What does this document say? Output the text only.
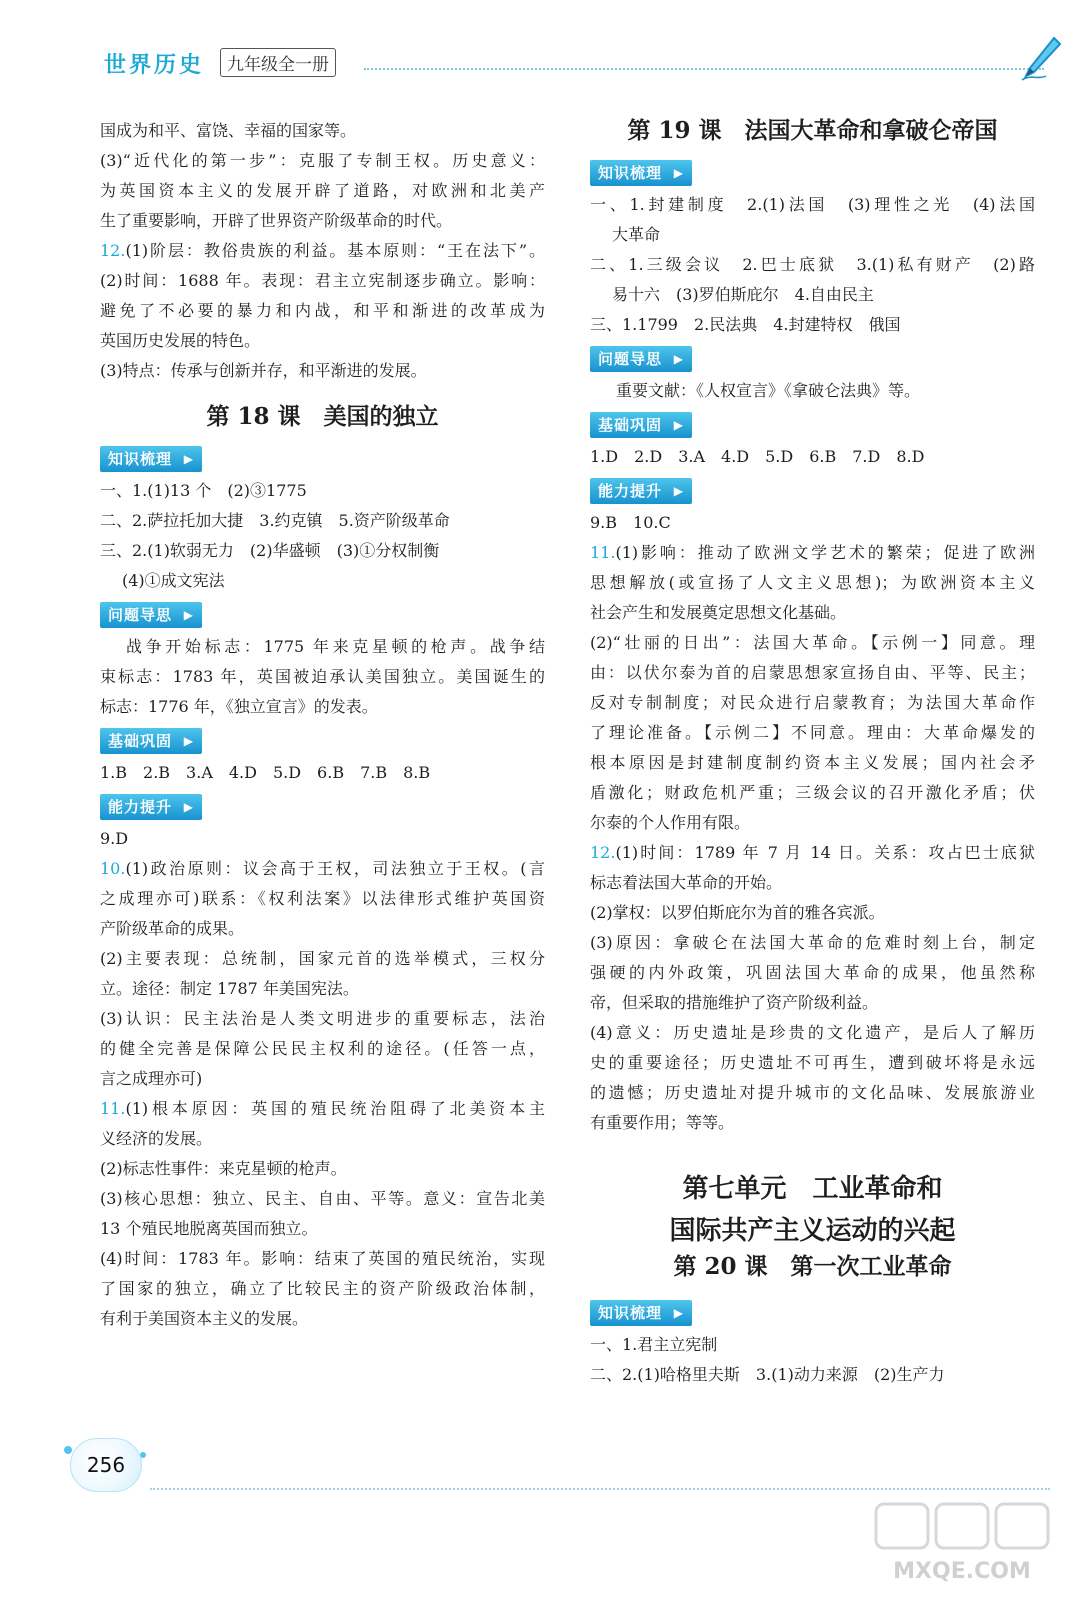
世界历史	九年级全一册
国成为和平、富饶、幸福的国家等。
(3)“近代化的第一步”：克服了专制王权。历史意义：
为英国资本主义的发展开辟了道路，对欧洲和北美产
生了重要影响，开辟了世界资产阶级革命的时代。
12.(1)阶层：教俗贵族的利益。基本原则：“王在法下”。
(2)时间：1688 年。表现：君主立宪制逐步确立。影响：
避免了不必要的暴力和内战，和平和渐进的改革成为
英国历史发展的特色。
(3)特点：传承与创新并存，和平渐进的发展。
第 18 课　美国的独立
知识梳理 ▶
一、1.(1)13 个　(2)③1775
二、2.萨拉托加大捷　3.约克镇　5.资产阶级革命
三、2.(1)软弱无力　(2)华盛顿　(3)①分权制衡
(4)①成文宪法
问题导思 ▶
战争开始标志：1775 年来克星顿的枪声。战争结
束标志：1783 年，英国被迫承认美国独立。美国诞生的
标志：1776 年，《独立宣言》的发表。
基础巩固 ▶
1.B　2.B　3.A　4.D　5.D　6.B　7.B　8.B
能力提升 ▶
9.D
10.(1)政治原则：议会高于王权，司法独立于王权。(言
之成理亦可)联系：《权利法案》以法律形式维护英国资
产阶级革命的成果。
(2)主要表现：总统制，国家元首的选举模式，三权分
立。途径：制定 1787 年美国宪法。
(3)认识：民主法治是人类文明进步的重要标志，法治
的健全完善是保障公民民主权利的途径。(任答一点，
言之成理亦可)
11.(1)根本原因：英国的殖民统治阻碍了北美资本主
义经济的发展。
(2)标志性事件：来克星顿的枪声。
(3)核心思想：独立、民主、自由、平等。意义：宣告北美
13 个殖民地脱离英国而独立。
(4)时间：1783 年。影响：结束了英国的殖民统治，实现
了国家的独立，确立了比较民主的资产阶级政治体制，
有利于美国资本主义的发展。
第 19 课　法国大革命和拿破仑帝国
知识梳理 ▶
一、1.封建制度　2.(1)法国　(3)理性之光　(4)法国
大革命
二、1.三级会议　2.巴士底狱　3.(1)私有财产　(2)路
易十六　(3)罗伯斯庇尔　4.自由民主
三、1.1799　2.民法典　4.封建特权　俄国
问题导思 ▶
重要文献：《人权宣言》《拿破仑法典》等。
基础巩固 ▶
1.D　2.D　3.A　4.D　5.D　6.B　7.D　8.D
能力提升 ▶
9.B　10.C
11.(1)影响：推动了欧洲文学艺术的繁荣；促进了欧洲
思想解放(或宣扬了人文主义思想)；为欧洲资本主义
社会产生和发展奠定思想文化基础。
(2)“壮丽的日出”：法国大革命。【示例一】同意。理
由：以伏尔泰为首的启蒙思想家宣扬自由、平等、民主；
反对专制制度；对民众进行启蒙教育；为法国大革命作
了理论准备。【示例二】不同意。理由：大革命爆发的
根本原因是封建制度制约资本主义发展；国内社会矛
盾激化；财政危机严重；三级会议的召开激化矛盾；伏
尔泰的个人作用有限。
12.(1)时间：1789 年 7 月 14 日。关系：攻占巴士底狱
标志着法国大革命的开始。
(2)掌权：以罗伯斯庇尔为首的雅各宾派。
(3)原因：拿破仑在法国大革命的危难时刻上台，制定
强硬的内外政策，巩固法国大革命的成果，他虽然称
帝，但采取的措施维护了资产阶级利益。
(4)意义：历史遗址是珍贵的文化遗产，是后人了解历
史的重要途径；历史遗址不可再生，遭到破坏将是永远
的遗憾；历史遗址对提升城市的文化品味、发展旅游业
有重要作用；等等。
第七单元　工业革命和
国际共产主义运动的兴起
第 20 课　第一次工业革命
知识梳理 ▶
一、1.君主立宪制
二、2.(1)哈格里夫斯　3.(1)动力来源　(2)生产力
256
MXQE.COM
